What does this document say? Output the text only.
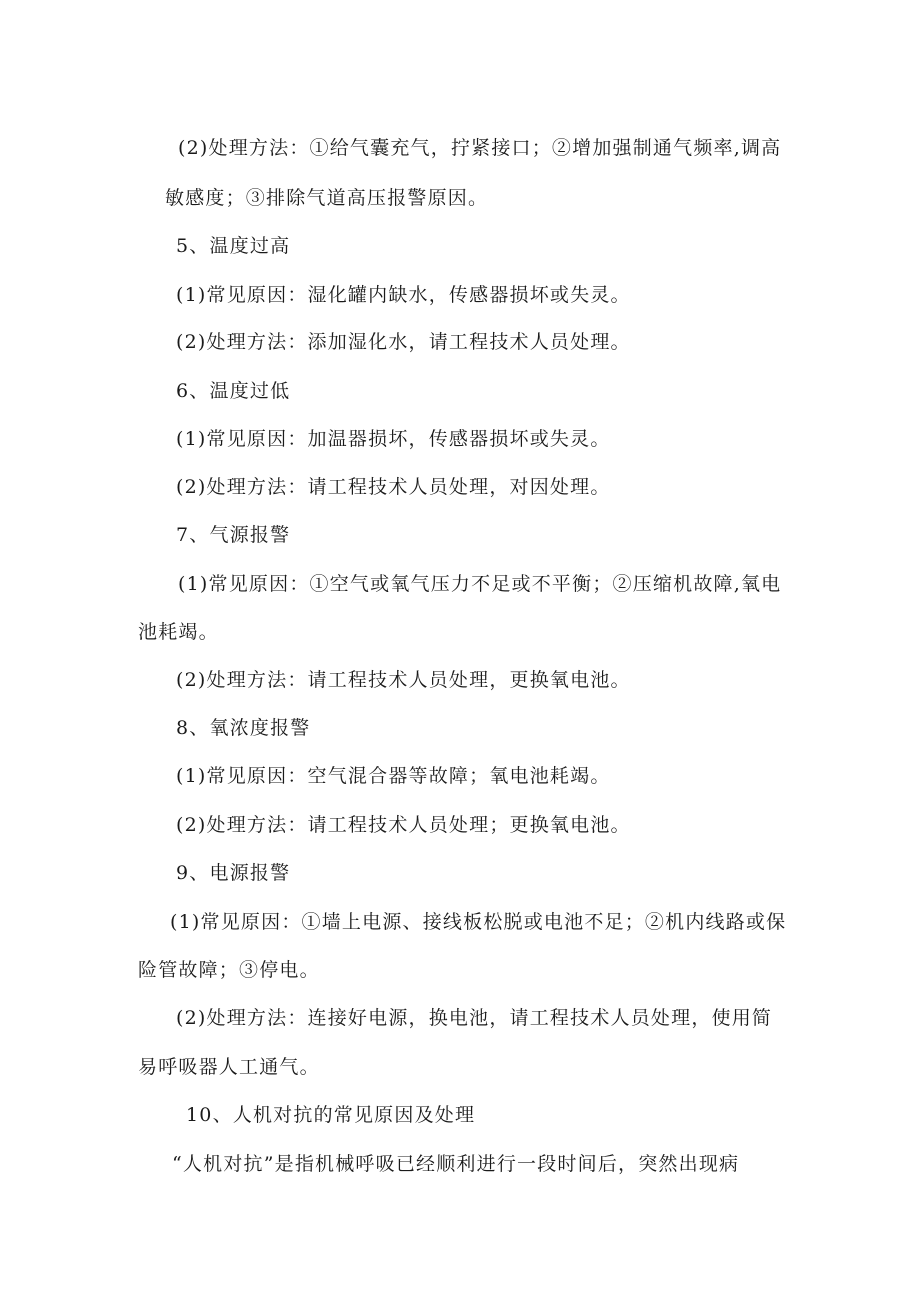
(2)处理方法：①给气囊充气，拧紧接口；②增加强制通气频率,调高
敏感度；③排除气道高压报警原因。
5、温度过高
(1)常见原因：湿化罐内缺水，传感器损坏或失灵。
(2)处理方法：添加湿化水，请工程技术人员处理。
6、温度过低
(1)常见原因：加温器损坏，传感器损坏或失灵。
(2)处理方法：请工程技术人员处理，对因处理。
7、气源报警
(1)常见原因：①空气或氧气压力不足或不平衡；②压缩机故障,氧电
池耗竭。
(2)处理方法：请工程技术人员处理，更换氧电池。
8、氧浓度报警
(1)常见原因：空气混合器等故障；氧电池耗竭。
(2)处理方法：请工程技术人员处理；更换氧电池。
9、电源报警
(1)常见原因：①墙上电源、接线板松脱或电池不足；②机内线路或保
险管故障；③停电。
(2)处理方法：连接好电源，换电池，请工程技术人员处理，使用简
易呼吸器人工通气。
10、人机对抗的常见原因及处理
“人机对抗”是指机械呼吸已经顺利进行一段时间后，突然出现病
